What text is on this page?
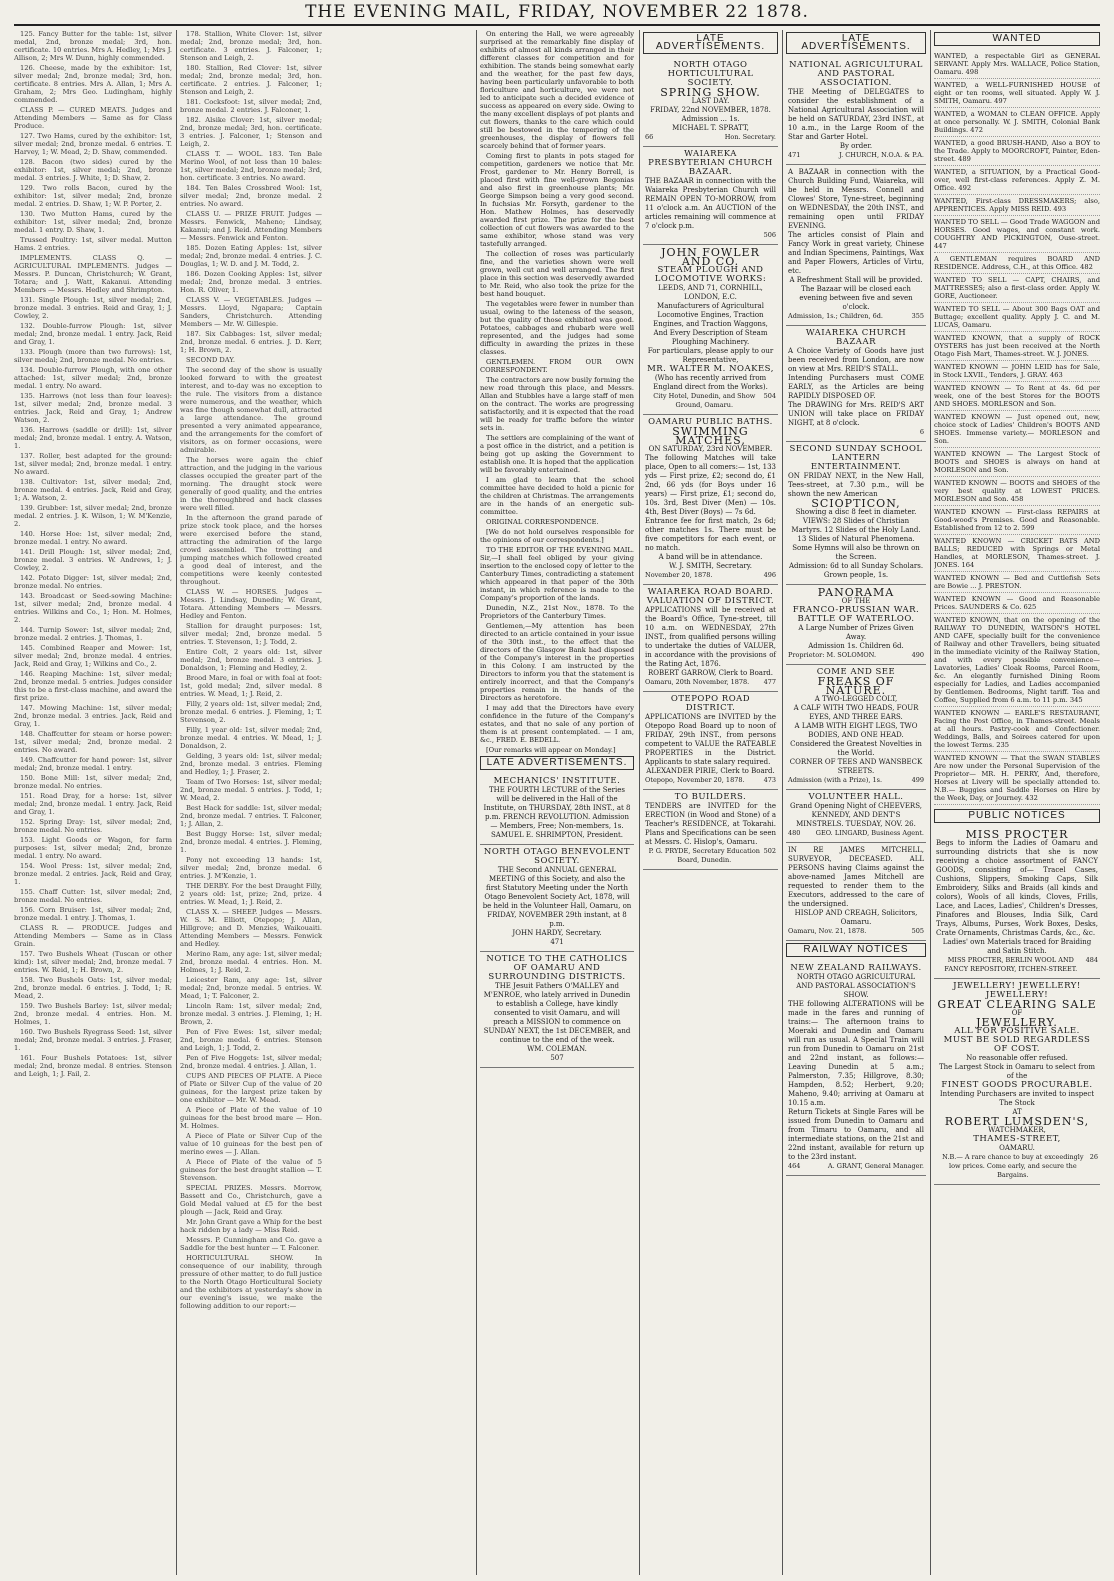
THE EVENING MAIL, FRIDAY, NOVEMBER 22 1878.

125. Fancy Butter for the table: 1st, silver medal, 2nd, bronze medal; 3rd, hon. certificate. 10 entries. Mrs A. Hedley, 1; Mrs J. Allison, 2; Mrs W. Dunn, highly commended.

126. Cheese, made by the exhibitor: 1st, silver medal; 2nd, bronze medal; 3rd, hon. certificate. 8 entries. Mrs A. Allan, 1; Mrs A. Graham, 2; Mrs Geo. Ludingham, highly commended.

CLASS P. — CURED MEATS. Judges and Attending Members — Same as for Class Produce.

127. Two Hams, cured by the exhibitor: 1st, silver medal; 2nd, bronze medal. 6 entries. T. Harvey, 1; W. Mead, 2; D. Shaw, commended.

128. Bacon (two sides) cured by the exhibitor: 1st, silver medal; 2nd, bronze medal. 3 entries. J. White, 1; D. Shaw, 2.

129. Two rolls Bacon, cured by the exhibitor: 1st, silver medal; 2nd, bronze medal. 2 entries. D. Shaw, 1; W. P. Porter, 2.

130. Two Mutton Hams, cured by the exhibitor: 1st, silver medal; 2nd, bronze medal. 1 entry. D. Shaw, 1.

Trussed Poultry: 1st, silver medal. Mutton Hams. 2 entries.

IMPLEMENTS. CLASS Q. — AGRICULTURAL IMPLEMENTS. Judges — Messrs. P. Duncan, Christchurch; W. Grant, Totara; and J. Watt, Kakanui. Attending Members — Messrs. Hedley and Shrimpton.

131. Single Plough: 1st, silver medal; 2nd, bronze medal. 3 entries. Reid and Gray, 1; J. Cowley, 2.

132. Double-furrow Plough: 1st, silver medal; 2nd, bronze medal. 1 entry. Jack, Reid and Gray, 1.

133. Plough (more than two furrows): 1st, silver medal; 2nd, bronze medal. No entries.

134. Double-furrow Plough, with one other attached: 1st, silver medal; 2nd, bronze medal. 1 entry. No award.

135. Harrows (not less than four leaves): 1st, silver medal; 2nd, bronze medal. 3 entries. Jack, Reid and Gray, 1; Andrew Watson, 2.

136. Harrows (saddle or drill): 1st, silver medal; 2nd, bronze medal. 1 entry. A. Watson, 1.

137. Roller, best adapted for the ground: 1st, silver medal; 2nd, bronze medal. 1 entry. No award.

138. Cultivator: 1st, silver medal; 2nd, bronze medal. 4 entries. Jack, Reid and Gray, 1; A. Watson, 2.

139. Grubber: 1st, silver medal; 2nd, bronze medal. 2 entries. J. K. Wilson, 1; W. M'Kenzie, 2.

140. Horse Hoe: 1st, silver medal; 2nd, bronze medal. 1 entry. No award.

141. Drill Plough: 1st, silver medal; 2nd, bronze medal. 3 entries. W. Andrews, 1; J. Cowley, 2.

142. Potato Digger: 1st, silver medal; 2nd, bronze medal. No entries.

143. Broadcast or Seed-sowing Machine: 1st, silver medal; 2nd, bronze medal. 4 entries. Wilkins and Co., 1; Hon. M. Holmes, 2.

144. Turnip Sower: 1st, silver medal; 2nd, bronze medal. 2 entries. J. Thomas, 1.

145. Combined Reaper and Mower: 1st, silver medal; 2nd, bronze medal. 4 entries. Jack, Reid and Gray, 1; Wilkins and Co., 2.

146. Reaping Machine: 1st, silver medal; 2nd, bronze medal. 5 entries. Judges consider this to be a first-class machine, and award the first prize.

147. Mowing Machine: 1st, silver medal; 2nd, bronze medal. 3 entries. Jack, Reid and Gray, 1.

148. Chaffcutter for steam or horse power: 1st, silver medal; 2nd, bronze medal. 2 entries. No award.

149. Chaffcutter for hand power: 1st, silver medal; 2nd, bronze medal. 1 entry.

150. Bone Mill: 1st, silver medal; 2nd, bronze medal. No entries.

151. Road Dray, for a horse: 1st, silver medal; 2nd, bronze medal. 1 entry. Jack, Reid and Gray, 1.

152. Spring Dray: 1st, silver medal; 2nd, bronze medal. No entries.

153. Light Goods or Wagon, for farm purposes: 1st, silver medal; 2nd, bronze medal. 1 entry. No award.

154. Wool Press: 1st, silver medal; 2nd, bronze medal. 2 entries. Jack, Reid and Gray, 1.

155. Chaff Cutter: 1st, silver medal; 2nd, bronze medal. No entries.

156. Corn Bruiser: 1st, silver medal; 2nd, bronze medal. 1 entry. J. Thomas, 1.

CLASS R. — PRODUCE. Judges and Attending Members — Same as in Class Grain.

157. Two Bushels Wheat (Tuscan or other kind): 1st, silver medal; 2nd, bronze medal. 7 entries. W. Reid, 1; H. Brown, 2.

158. Two Bushels Oats: 1st, silver medal; 2nd, bronze medal. 6 entries. J. Todd, 1; R. Mead, 2.

159. Two Bushels Barley: 1st, silver medal; 2nd, bronze medal. 4 entries. Hon. M. Holmes, 1.

160. Two Bushels Ryegrass Seed: 1st, silver medal; 2nd, bronze medal. 3 entries. J. Fraser, 1.

161. Four Bushels Potatoes: 1st, silver medal; 2nd, bronze medal. 8 entries. Stenson and Leigh, 1; J. Fail, 2.

178. Stallion, White Clover: 1st, silver medal; 2nd, bronze medal; 3rd, hon. certificate. 3 entries. J. Falconer, 1; Stenson and Leigh, 2.

180. Stallion, Red Clover: 1st, silver medal; 2nd, bronze medal; 3rd, hon. certificate. 2 entries. J. Falconer, 1; Stenson and Leigh, 2.

181. Cocksfoot: 1st, silver medal; 2nd, bronze medal. 2 entries. J. Falconer, 1.

182. Alsike Clover: 1st, silver medal; 2nd, bronze medal; 3rd, hon. certificate. 3 entries. J. Falconer, 1; Stenson and Leigh, 2.

CLASS T. — WOOL. 183. Ten Bale Merino Wool, of not less than 10 bales: 1st, silver medal; 2nd, bronze medal; 3rd, hon. certificate. 3 entries. No award.

184. Ten Bales Crossbred Wool: 1st, silver medal; 2nd, bronze medal. 2 entries. No award.

CLASS U. — PRIZE FRUIT. Judges — Messrs. Fenwick, Maheno; Lindsay, Kakanui; and J. Reid. Attending Members — Messrs. Fenwick and Fenton.

185. Dozen Eating Apples: 1st, silver medal; 2nd, bronze medal. 4 entries. J. C. Douglas, 1; W. D. and J. M. Todd, 2.

186. Dozen Cooking Apples: 1st, silver medal; 2nd, bronze medal. 3 entries. Hon. R. Oliver, 1.

CLASS V. — VEGETABLES. Judges — Messrs. Lloyd, Ngapara; Captain Sanders, Christchurch. Attending Members — Mr. W. Gillespie.

187. Six Cabbages: 1st, silver medal; 2nd, bronze medal. 6 entries. J. D. Kerr, 1; H. Brown, 2.

SECOND DAY.

The second day of the show is usually looked forward to with the greatest interest, and to-day was no exception to the rule. The visitors from a distance were numerous, and the weather, which was fine though somewhat dull, attracted a large attendance. The ground presented a very animated appearance, and the arrangements for the comfort of visitors, as on former occasions, were admirable.

The horses were again the chief attraction, and the judging in the various classes occupied the greater part of the morning. The draught stock were generally of good quality, and the entries in the thoroughbred and hack classes were well filled.

In the afternoon the grand parade of prize stock took place, and the horses were exercised before the stand, attracting the admiration of the large crowd assembled. The trotting and jumping matches which followed created a good deal of interest, and the competitions were keenly contested throughout.

CLASS W. — HORSES. Judges — Messrs. J. Lindsay, Dunedin; W. Grant, Totara. Attending Members — Messrs. Hedley and Fenton.

Stallion for draught purposes: 1st, silver medal; 2nd, bronze medal. 5 entries. T. Stevenson, 1; J. Todd, 2.

Entire Colt, 2 years old: 1st, silver medal; 2nd, bronze medal. 3 entries. J. Donaldson, 1; Fleming and Hedley, 2.

Brood Mare, in foal or with foal at foot: 1st, gold medal; 2nd, silver medal. 8 entries. W. Mead, 1; J. Reid, 2.

Filly, 2 years old: 1st, silver medal; 2nd, bronze medal. 6 entries. J. Fleming, 1; T. Stevenson, 2.

Filly, 1 year old: 1st, silver medal; 2nd, bronze medal. 4 entries. W. Mead, 1; J. Donaldson, 2.

Gelding, 3 years old: 1st, silver medal; 2nd, bronze medal. 3 entries. Fleming and Hedley, 1; J. Fraser, 2.

Team of Two Horses: 1st, silver medal; 2nd, bronze medal. 5 entries. J. Todd, 1; W. Mead, 2.

Best Hack for saddle: 1st, silver medal; 2nd, bronze medal. 7 entries. T. Falconer, 1; J. Allan, 2.

Best Buggy Horse: 1st, silver medal; 2nd, bronze medal. 4 entries. J. Fleming, 1.

Pony not exceeding 13 hands: 1st, silver medal; 2nd, bronze medal. 6 entries. J. M'Kenzie, 1.

THE DERBY. For the best Draught Filly, 2 years old: 1st, prize; 2nd, prize. 4 entries. W. Mead, 1; J. Reid, 2.

CLASS X. — SHEEP. Judges — Messrs. W. S. M. Elliott, Otepopo; J. Allan, Hillgrove; and D. Menzies, Waikouaiti. Attending Members — Messrs. Fenwick and Hedley.

Merino Ram, any age: 1st, silver medal; 2nd, bronze medal. 4 entries. Hon. M. Holmes, 1; J. Reid, 2.

Leicester Ram, any age: 1st, silver medal; 2nd, bronze medal. 5 entries. W. Mead, 1; T. Falconer, 2.

Lincoln Ram: 1st, silver medal; 2nd, bronze medal. 3 entries. J. Fleming, 1; H. Brown, 2.

Pen of Five Ewes: 1st, silver medal; 2nd, bronze medal. 6 entries. Stenson and Leigh, 1; J. Todd, 2.

Pen of Five Hoggets: 1st, silver medal; 2nd, bronze medal. 4 entries. J. Allan, 1.

CUPS AND PIECES OF PLATE. A Piece of Plate or Silver Cup of the value of 20 guineas, for the largest prize taken by one exhibitor — Mr. W. Mead.

A Piece of Plate of the value of 10 guineas for the best brood mare — Hon. M. Holmes.

A Piece of Plate or Silver Cup of the value of 10 guineas for the best pen of merino ewes — J. Allan.

A Piece of Plate of the value of 5 guineas for the best draught stallion — T. Stevenson.

SPECIAL PRIZES. Messrs. Morrow, Bassett and Co., Christchurch, gave a Gold Medal valued at £5 for the best plough — Jack, Reid and Gray.

Mr. John Grant gave a Whip for the best hack ridden by a lady — Miss Reid.

Messrs. P. Cunningham and Co. gave a Saddle for the best hunter — T. Falconer.

HORTICULTURAL SHOW. In consequence of our inability, through pressure of other matter, to do full justice to the North Otago Horticultural Society and the exhibitors at yesterday's show in our evening's issue, we make the following addition to our report:—

On entering the Hall, we were agreeably surprised at the remarkably fine display of exhibits of almost all kinds arranged in their different classes for competition and for exhibition. The stands being somewhat early and the weather, for the past few days, having been particularly unfavorable to both floriculture and horticulture, we were not led to anticipate such a decided evidence of success as appeared on every side. Owing to the many excellent displays of pot plants and cut flowers, thanks to the care which could still be bestowed in the tempering of the greenhouses, the display of flowers fell scarcely behind that of former years.

Coming first to plants in pots staged for competition, gardeners we notice that Mr. Frost, gardener to Mr. Henry Borrell, is placed first with fine well-grown Begonias and also first in greenhouse plants; Mr. George Simpson being a very good second. In fuchsias Mr. Forsyth, gardener to the Hon. Mathew Holmes, has deservedly awarded first prize. The prize for the best collection of cut flowers was awarded to the same exhibitor, whose stand was very tastefully arranged.

The collection of roses was particularly fine, and the varieties shown were well grown, well cut and well arranged. The first place in this section was deservedly awarded to Mr. Reid, who also took the prize for the best hand bouquet.

The vegetables were fewer in number than usual, owing to the lateness of the season, but the quality of those exhibited was good. Potatoes, cabbages and rhubarb were well represented, and the judges had some difficulty in awarding the prizes in these classes.

GENTLEMEN. FROM OUR OWN CORRESPONDENT.

The contractors are now busily forming the new road through this place, and Messrs. Allan and Stubbles have a large staff of men on the contract. The works are progressing satisfactorily, and it is expected that the road will be ready for traffic before the winter sets in.

The settlers are complaining of the want of a post office in the district, and a petition is being got up asking the Government to establish one. It is hoped that the application will be favorably entertained.

I am glad to learn that the school committee have decided to hold a picnic for the children at Christmas. The arrangements are in the hands of an energetic sub-committee.

ORIGINAL CORRESPONDENCE.

[We do not hold ourselves responsible for the opinions of our correspondents.]

TO THE EDITOR OF THE EVENING MAIL. Sir,—I shall feel obliged by your giving insertion to the enclosed copy of letter to the Canterbury Times, contradicting a statement which appeared in that paper of the 30th instant, in which reference is made to the Company's proportion of the lands.

Dunedin, N.Z., 21st Nov., 1878. To the Proprietors of the Canterbury Times.

Gentlemen,—My attention has been directed to an article contained in your issue of the 30th inst., to the effect that the directors of the Glasgow Bank had disposed of the Company's interest in the properties in this Colony. I am instructed by the Directors to inform you that the statement is entirely incorrect, and that the Company's properties remain in the hands of the Directors as heretofore.

I may add that the Directors have every confidence in the future of the Company's estates, and that no sale of any portion of them is at present contemplated. — I am, &c., FRED. E. BEDELL.

[Our remarks will appear on Monday.]

LATE ADVERTISEMENTS.
MECHANICS' INSTITUTE.
THE FOURTH LECTURE of the Series will be delivered in the Hall of the Institute, on THURSDAY, 28th INST., at 8 p.m. FRENCH REVOLUTION. Admission — Members, Free; Non-members, 1s.
SAMUEL E. SHRIMPTON, President.
NORTH OTAGO BENEVOLENT SOCIETY.
THE Second ANNUAL GENERAL MEETING of this Society, and also the first Statutory Meeting under the North Otago Benevolent Society Act, 1878, will be held in the Volunteer Hall, Oamaru, on FRIDAY, NOVEMBER 29th instant, at 8 p.m.
JOHN HARDY, Secretary.
471
NOTICE TO THE CATHOLICS OF OAMARU AND SURROUNDING DISTRICTS.
THE Jesuit Fathers O'MALLEY and M'ENROE, who lately arrived in Dunedin to establish a College, have kindly consented to visit Oamaru, and will preach a MISSION to commence on SUNDAY NEXT, the 1st DECEMBER, and continue to the end of the week.
WM. COLEMAN.
507
LATE ADVERTISEMENTS.
NORTH OTAGO HORTICULTURAL SOCIETY.
SPRING SHOW.
LAST DAY.
FRIDAY, 22nd NOVEMBER, 1878.
Admission ... 1s.
MICHAEL T. SPRATT,
66	Hon. Secretary.
WAIAREKA PRESBYTERIAN CHURCH BAZAAR.
THE BAZAAR in connection with the Waiareka Presbyterian Church will REMAIN OPEN TO-MORROW, from 11 o'clock a.m. An AUCTION of the articles remaining will commence at 7 o'clock p.m.
506
JOHN FOWLER AND CO.
STEAM PLOUGH AND LOCOMOTIVE WORKS:
LEEDS, AND 71, CORNHILL, LONDON, E.C.
Manufacturers of Agricultural Locomotive Engines, Traction Engines, and Traction Waggons, And Every Description of Steam Ploughing Machinery.
For particulars, please apply to our Representative,
MR. WALTER M. NOAKES,
(Who has recently arrived from England direct from the Works).
City Hotel, Dunedin, and Show Ground, Oamaru.
504
OAMARU PUBLIC BATHS.
SWIMMING MATCHES,
ON SATURDAY, 23rd NOVEMBER.
The following Matches will take place, Open to all comers:— 1st, 133 yds — First prize, £2; second do, £1 2nd, 66 yds (for Boys under 16 years) — First prize, £1; second do, 10s. 3rd, Best Diver (Men) — 10s. 4th, Best Diver (Boys) — 7s 6d.
Entrance fee for first match, 2s 6d; other matches 1s. There must be five competitors for each event, or no match.
A band will be in attendance.
W. J. SMITH, Secretary.
November 20, 1878.	496
WAIAREKA ROAD BOARD.
VALUATION OF DISTRICT.
APPLICATIONS will be received at the Board's Office, Tyne-street, till 10 a.m. on WEDNESDAY, 27th INST., from qualified persons willing to undertake the duties of VALUER, in accordance with the provisions of the Rating Act, 1876.
ROBERT GARROW, Clerk to Board.
Oamaru, 20th November, 1878. 477
OTEPOPO ROAD DISTRICT.
APPLICATIONS are INVITED by the Otepopo Road Board up to noon of FRIDAY, 29th INST., from persons competent to VALUE the RATEABLE PROPERTIES in the District. Applicants to state salary required.
ALEXANDER PIRIE, Clerk to Board.
Otepopo, November 20, 1878.	473
TO BUILDERS.
TENDERS are INVITED for the ERECTION (in Wood and Stone) of a Teacher's RESIDENCE, at Tokarahi. Plans and Specifications can be seen at Messrs. C. Hislop's, Oamaru.
P. G. PRYDE, Secretary Education Board, Dunedin.
502
LATE ADVERTISEMENTS.
NATIONAL AGRICULTURAL AND PASTORAL ASSOCIATION.
THE Meeting of DELEGATES to consider the establishment of a National Agricultural Association will be held on SATURDAY, 23rd INST., at 10 a.m., in the Large Room of the Star and Garter Hotel.
By order.
471	J. CHURCH, N.O.A. & P.A.
A BAZAAR in connection with the Church Building Fund, Waiareka, will be held in Messrs. Connell and Clowes' Store, Tyne-street, beginning on WEDNESDAY, the 20th INST., and remaining open until FRIDAY EVENING.
The articles consist of Plain and Fancy Work in great variety, Chinese and Indian Specimens, Paintings, Wax and Paper Flowers, Articles of Virtu, etc.
A Refreshment Stall will be provided.
The Bazaar will be closed each evening between five and seven o'clock.
Admission, 1s.; Children, 6d.	355
WAIAREKA CHURCH BAZAAR
A Choice Variety of Goods have just been received from London, are now on view at Mrs. REID'S STALL.
Intending Purchasers must COME EARLY, as the Articles are being RAPIDLY DISPOSED OF.
The DRAWING for Mrs. REID'S ART UNION will take place on FRIDAY NIGHT, at 8 o'clock.
6
SECOND SUNDAY SCHOOL LANTERN ENTERTAINMENT.
ON FRIDAY NEXT, in the New Hall, Tees-street, at 7.30 p.m., will be shown the new American
SCIOPTICON,
Showing a disc 8 feet in diameter.
VIEWS: 28 Slides of Christian Martyrs. 12 Slides of the Holy Land. 13 Slides of Natural Phenomena. Some Hymns will also be thrown on the Screen.
Admission: 6d to all Sunday Scholars. Grown people, 1s.
PANORAMA
OF THE
FRANCO-PRUSSIAN WAR.
BATTLE OF WATERLOO.
A Large Number of Prizes Given Away.
Admission 1s. Children 6d.
Proprietor: M. SOLOMON.	490
COME AND SEE
FREAKS OF NATURE.
A TWO-LEGGED COLT,
A CALF WITH TWO HEADS, FOUR EYES, AND THREE EARS.
A LAMB WITH EIGHT LEGS, TWO BODIES, AND ONE HEAD.
Considered the Greatest Novelties in the World.
CORNER OF TEES AND WANSBECK STREETS.
Admission (with a Prize), 1s.	499
VOLUNTEER HALL.
Grand Opening Night of CHEEVERS, KENNEDY, AND DENT'S MINSTRELS. TUESDAY, NOV. 26.
480 GEO. LINGARD, Business Agent.
IN RE JAMES MITCHELL, SURVEYOR, DECEASED. ALL PERSONS having Claims against the above-named James Mitchell are requested to render them to the Executors, addressed to the care of the undersigned.
HISLOP AND CREAGH, Solicitors, Oamaru.
Oamaru, Nov. 21, 1878.	505
RAILWAY NOTICES
NEW ZEALAND RAILWAYS.
NORTH OTAGO AGRICULTURAL AND PASTORAL ASSOCIATION'S SHOW.
THE following ALTERATIONS will be made in the fares and running of trains:— The afternoon trains to Moeraki and Dunedin and Oamaru will run as usual. A Special Train will run from Dunedin to Oamaru on 21st and 22nd instant, as follows:— Leaving Dunedin at 5 a.m.; Palmerston, 7.35; Hillgrove, 8.30; Hampden, 8.52; Herbert, 9.20; Maheno, 9.40; arriving at Oamaru at 10.15 a.m.
Return Tickets at Single Fares will be issued from Dunedin to Oamaru and from Timaru to Oamaru, and all intermediate stations, on the 21st and 22nd instant, available for return up to the 23rd instant.
464	A. GRANT, General Manager.
WANTED

WANTED, a respectable Girl as GENERAL SERVANT. Apply Mrs. WALLACE, Police Station, Oamaru. 498

WANTED, a WELL-FURNISHED HOUSE of eight or ten rooms, well situated. Apply W. J. SMITH, Oamaru. 497

WANTED, a WOMAN to CLEAN OFFICE. Apply at once personally. W. J. SMITH, Colonial Bank Buildings. 472

WANTED, a good BRUSH-HAND, Also a BOY to the Trade. Apply to MOORCROFT, Painter, Eden-street. 489

WANTED, a SITUATION, by a Practical Good-over, well first-class references. Apply Z. M. Office. 492

WANTED, First-class DRESSMAKERS; also, APPRENTICES. Apply MISS REID. 493

WANTED TO SELL — Good Trade WAGGON and HORSES. Good wages, and constant work. COUGHTRY AND PICKINGTON, Ouse-street. 447

A GENTLEMAN requires BOARD AND RESIDENCE. Address, C.H., at this Office. 482

WANTED TO SELL — CAPT, CHAIRS, and MATTRESSES; also a first-class order. Apply W. GORE, Auctioneer.

WANTED TO SELL — About 300 Bags OAT and Buttage; excellent quality. Apply J. C. and M. LUCAS, Oamaru.

WANTED KNOWN, that a supply of ROCK OYSTERS has just been received at the North Otago Fish Mart, Thames-street. W. J. JONES.

WANTED KNOWN — JOHN LEID has for Sale, in Stock LXVII., Tenders, J. GRAY. 463

WANTED KNOWN — To Rent at 4s. 6d per week, one of the best Stores for the BOOTS AND SHOES. MORLESON and Son.

WANTED KNOWN — Just opened out, new, choice stock of Ladies' Children's BOOTS AND SHOES. Immense variety.— MORLESON and Son.

WANTED KNOWN — The Largest Stock of BOOTS and SHOES is always on hand at MORLESON and Son.

WANTED KNOWN — BOOTS and SHOES of the very best quality at LOWEST PRICES. MORLESON and Son. 458

WANTED KNOWN — First-class REPAIRS at Good-wood's Premises. Good and Reasonable. Established from 12 to 2. 599

WANTED KNOWN — CRICKET BATS AND BALLS; REDUCED with Springs or Metal Handles, at MORLESON, Thames-street. J. JONES. 164

WANTED KNOWN — Bed and Cuttlefish Sets are Bowie ... J. PRESTON.

WANTED KNOWN — Good and Reasonable Prices. SAUNDERS & Co. 625

WANTED KNOWN, that on the opening of the RAILWAY TO DUNEDIN, WATSON'S HOTEL AND CAFE, specially built for the convenience of Railway and other Travellers, being situated in the immediate vicinity of the Railway Station, and with every possible convenience— Lavatories, Ladies' Cloak Rooms, Parcel Room, &c. An elegantly furnished Dining Room especially for Ladies, and Ladies accompanied by Gentlemen. Bedrooms, Night tariff. Tea and Coffee, Supplied from 6 a.m. to 11 p.m. 345

WANTED KNOWN — EARLE'S RESTAURANT, Facing the Post Office, in Thames-street. Meals at all hours. Pastry-cook and Confectioner. Weddings, Balls, and Soirees catered for upon the lowest Terms. 235

WANTED KNOWN — That the SWAN STABLES Are now under the Personal Supervision of the Proprietor— MR. H. PERRY, And, therefore, Horses at Livery will be specially attended to. N.B.— Buggies and Saddle Horses on Hire by the Week, Day, or Journey. 432

PUBLIC NOTICES
MISS PROCTER
Begs to inform the Ladies of Oamaru and surrounding districts that she is now receiving a choice assortment of FANCY GOODS, consisting of— Tracel Cases, Cushions, Slippers, Smoking Caps, Silk Embroidery, Silks and Braids (all kinds and colors), Wools of all kinds, Cloves, Frills, Lace, and Laces, Ladies', Children's Dresses, Pinafores and Blouses, India Silk, Card Trays, Albums, Purses, Work Boxes, Desks, Crate Ornaments, Christmas Cards, &c., &c.
Ladies' own Materials traced for Braiding and Satin Stitch.
MISS PROCTER, BERLIN WOOL AND FANCY REPOSITORY, ITCHEN-STREET.
484
JEWELLERY! JEWELLERY! JEWELLERY!
GREAT CLEARING SALE
OF
JEWELLERY.
ALL FOR POSITIVE SALE.
MUST BE SOLD REGARDLESS OF COST.
No reasonable offer refused.
The Largest Stock in Oamaru to select from of the
FINEST GOODS PROCURABLE.
Intending Purchasers are invited to inspect The Stock
AT
ROBERT LUMSDEN'S,
WATCHMAKER,
THAMES-STREET,
OAMARU.
N.B.— A rare chance to buy at exceedingly low prices. Come early, and secure the Bargains.
26
